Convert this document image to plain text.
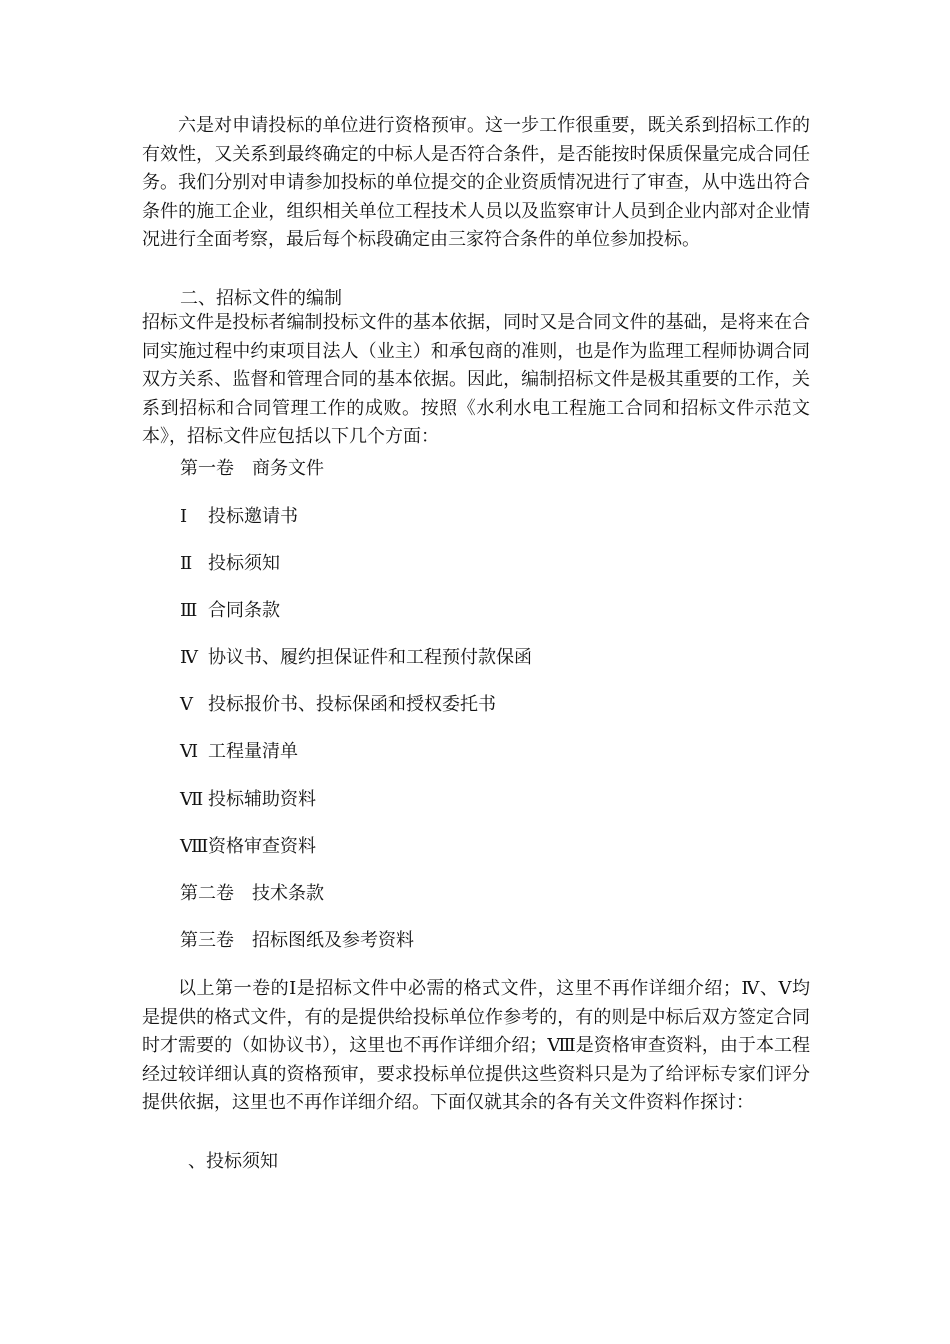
六是对申请投标的单位进行资格预审。这一步工作很重要，既关系到招标工作的有效性，又关系到最终确定的中标人是否符合条件，是否能按时保质保量完成合同任务。我们分别对申请参加投标的单位提交的企业资质情况进行了审查，从中选出符合条件的施工企业，组织相关单位工程技术人员以及监察审计人员到企业内部对企业情况进行全面考察，最后每个标段确定由三家符合条件的单位参加投标。

二、招标文件的编制

招标文件是投标者编制投标文件的基本依据，同时又是合同文件的基础，是将来在合同实施过程中约束项目法人（业主）和承包商的准则，也是作为监理工程师协调合同双方关系、监督和管理合同的基本依据。因此，编制招标文件是极其重要的工作，关系到招标和合同管理工作的成败。按照《水利水电工程施工合同和招标文件示范文本》，招标文件应包括以下几个方面：

第一卷 商务文件

Ⅰ 投标邀请书

Ⅱ 投标须知

Ⅲ 合同条款

Ⅳ 协议书、履约担保证件和工程预付款保函

Ⅴ 投标报价书、投标保函和授权委托书

Ⅵ 工程量清单

Ⅶ 投标辅助资料

Ⅷ资格审查资料

第二卷 技术条款

第三卷 招标图纸及参考资料

以上第一卷的Ⅰ是招标文件中必需的格式文件，这里不再作详细介绍；Ⅳ、Ⅴ均是提供的格式文件，有的是提供给投标单位作参考的，有的则是中标后双方签定合同时才需要的（如协议书），这里也不再作详细介绍；Ⅷ是资格审查资料，由于本工程经过较详细认真的资格预审，要求投标单位提供这些资料只是为了给评标专家们评分提供依据，这里也不再作详细介绍。下面仅就其余的各有关文件资料作探讨：

、投标须知
